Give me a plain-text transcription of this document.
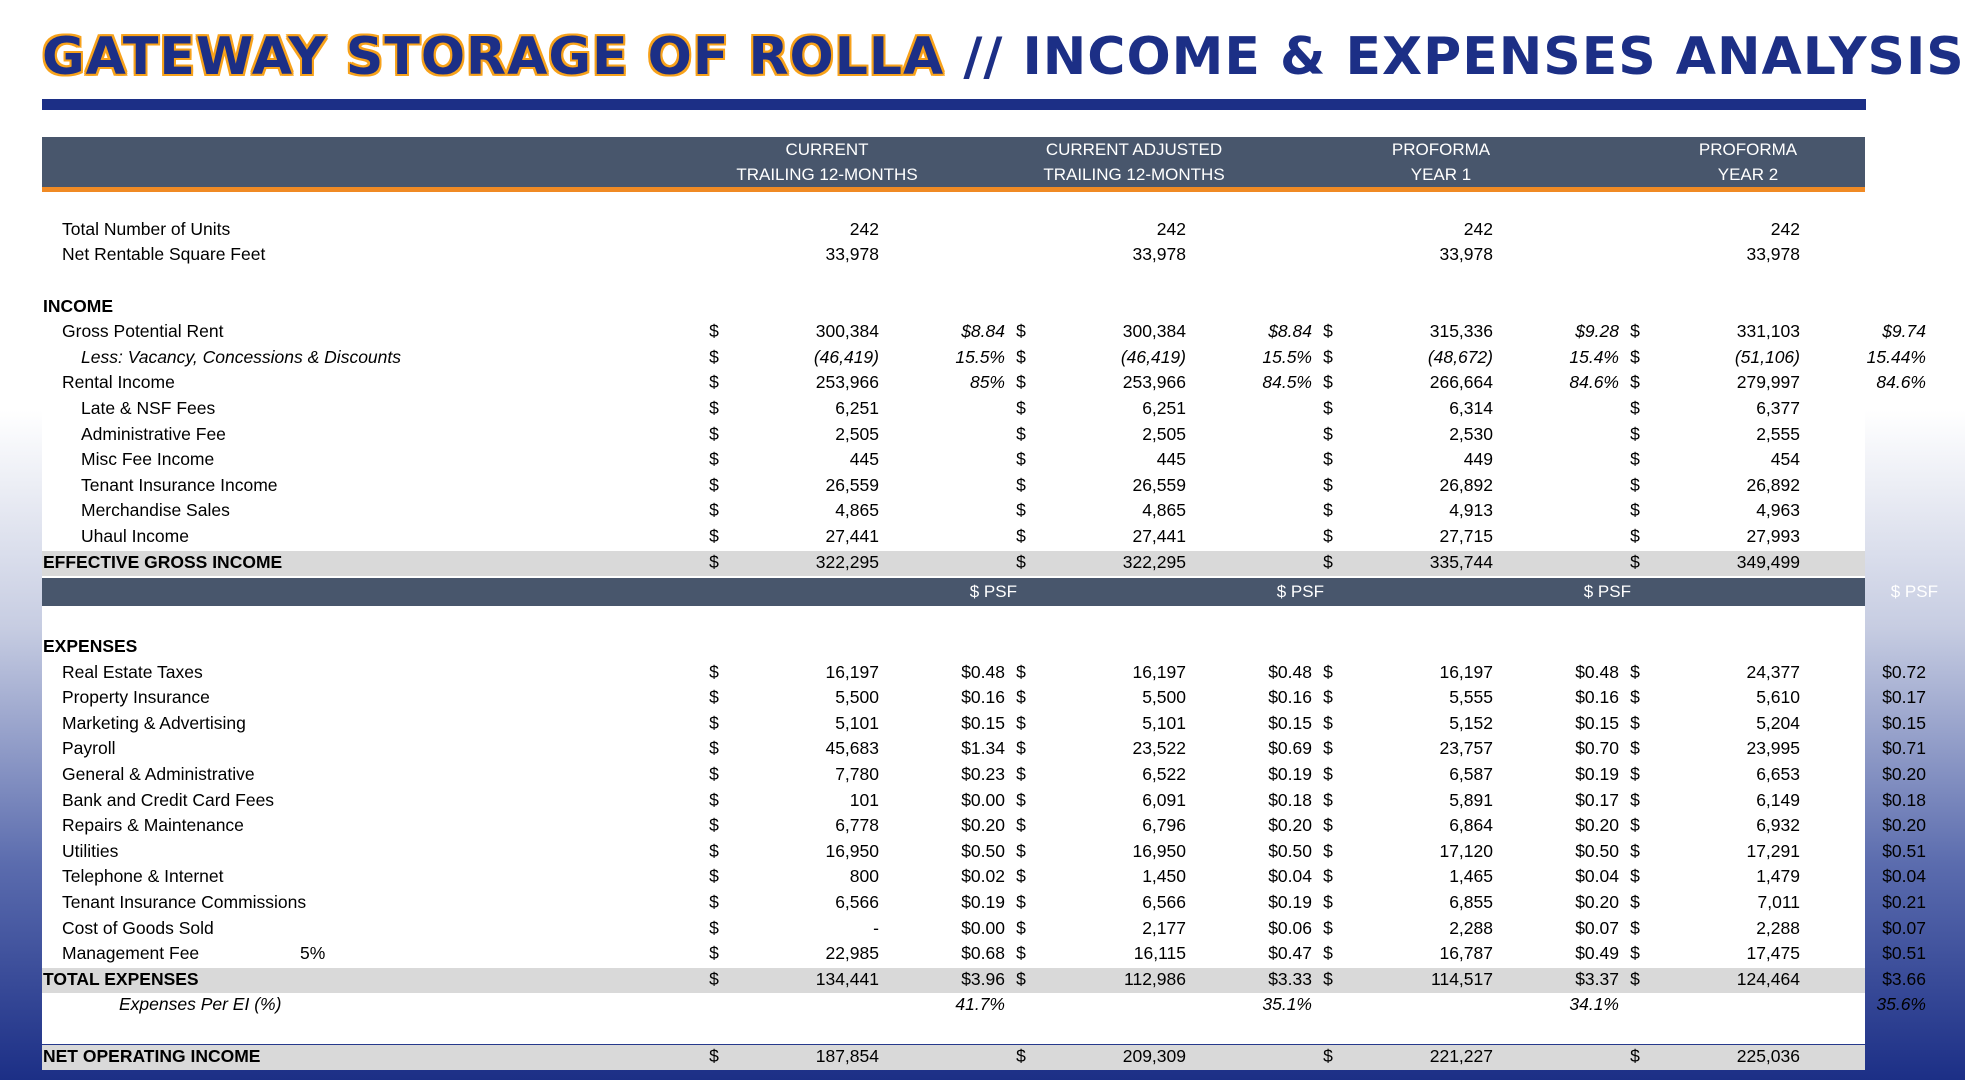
GATEWAY STORAGE OF ROLLA // INCOME & EXPENSES ANALYSIS
CURRENT
TRAILING 12-MONTHS
CURRENT ADJUSTED
TRAILING 12-MONTHS
PROFORMA
YEAR 1
PROFORMA
YEAR 2
$ PSF	$ PSF	$ PSF	$ PSF
Total Number of Units	242	242	242	242
Net Rentable Square Feet	33,978	33,978	33,978	33,978
INCOME
Gross Potential Rent	$	300,384	$8.84 $	300,384	$8.84 $	315,336	$9.28 $	331,103	$9.74
Less: Vacancy, Concessions & Discounts	$	(46,419)	15.5% $	(46,419)	15.5% $	(48,672)	15.4% $	(51,106)	15.44%
Rental Income	$	253,966	85% $	253,966	84.5% $	266,664	84.6% $	279,997	84.6%
Late & NSF Fees	$	6,251	$	6,251	$	6,314	$	6,377
Administrative Fee	$	2,505	$	2,505	$	2,530	$	2,555
Misc Fee Income	$	445	$	445	$	449	$	454
Tenant Insurance Income	$	26,559	$	26,559	$	26,892	$	26,892
Merchandise Sales	$	4,865	$	4,865	$	4,913	$	4,963
Uhaul Income	$	27,441	$	27,441	$	27,715	$	27,993
EFFECTIVE GROSS INCOME	$	322,295	$	322,295	$	335,744	$	349,499
EXPENSES
Real Estate Taxes	$	16,197	$0.48 $	16,197	$0.48 $	16,197	$0.48 $	24,377	$0.72
Property Insurance	$	5,500	$0.16 $	5,500	$0.16 $	5,555	$0.16 $	5,610	$0.17
Marketing & Advertising	$	5,101	$0.15 $	5,101	$0.15 $	5,152	$0.15 $	5,204	$0.15
Payroll	$	45,683	$1.34 $	23,522	$0.69 $	23,757	$0.70 $	23,995	$0.71
General & Administrative	$	7,780	$0.23 $	6,522	$0.19 $	6,587	$0.19 $	6,653	$0.20
Bank and Credit Card Fees	$	101	$0.00 $	6,091	$0.18 $	5,891	$0.17 $	6,149	$0.18
Repairs & Maintenance	$	6,778	$0.20 $	6,796	$0.20 $	6,864	$0.20 $	6,932	$0.20
Utilities	$	16,950	$0.50 $	16,950	$0.50 $	17,120	$0.50 $	17,291	$0.51
Telephone & Internet	$	800	$0.02 $	1,450	$0.04 $	1,465	$0.04 $	1,479	$0.04
Tenant Insurance Commissions	$	6,566	$0.19 $	6,566	$0.19 $	6,855	$0.20 $	7,011	$0.21
Cost of Goods Sold	$	-	$0.00 $	2,177	$0.06 $	2,288	$0.07 $	2,288	$0.07
Management Fee	5%	$	22,985	$0.68 $	16,115	$0.47 $	16,787	$0.49 $	17,475	$0.51
TOTAL EXPENSES	$	134,441	$3.96 $	112,986	$3.33 $	114,517	$3.37 $	124,464	$3.66
Expenses Per EI (%)	41.7%	35.1%	34.1%	35.6%
NET OPERATING INCOME	$	187,854	$	209,309	$	221,227	$	225,036
